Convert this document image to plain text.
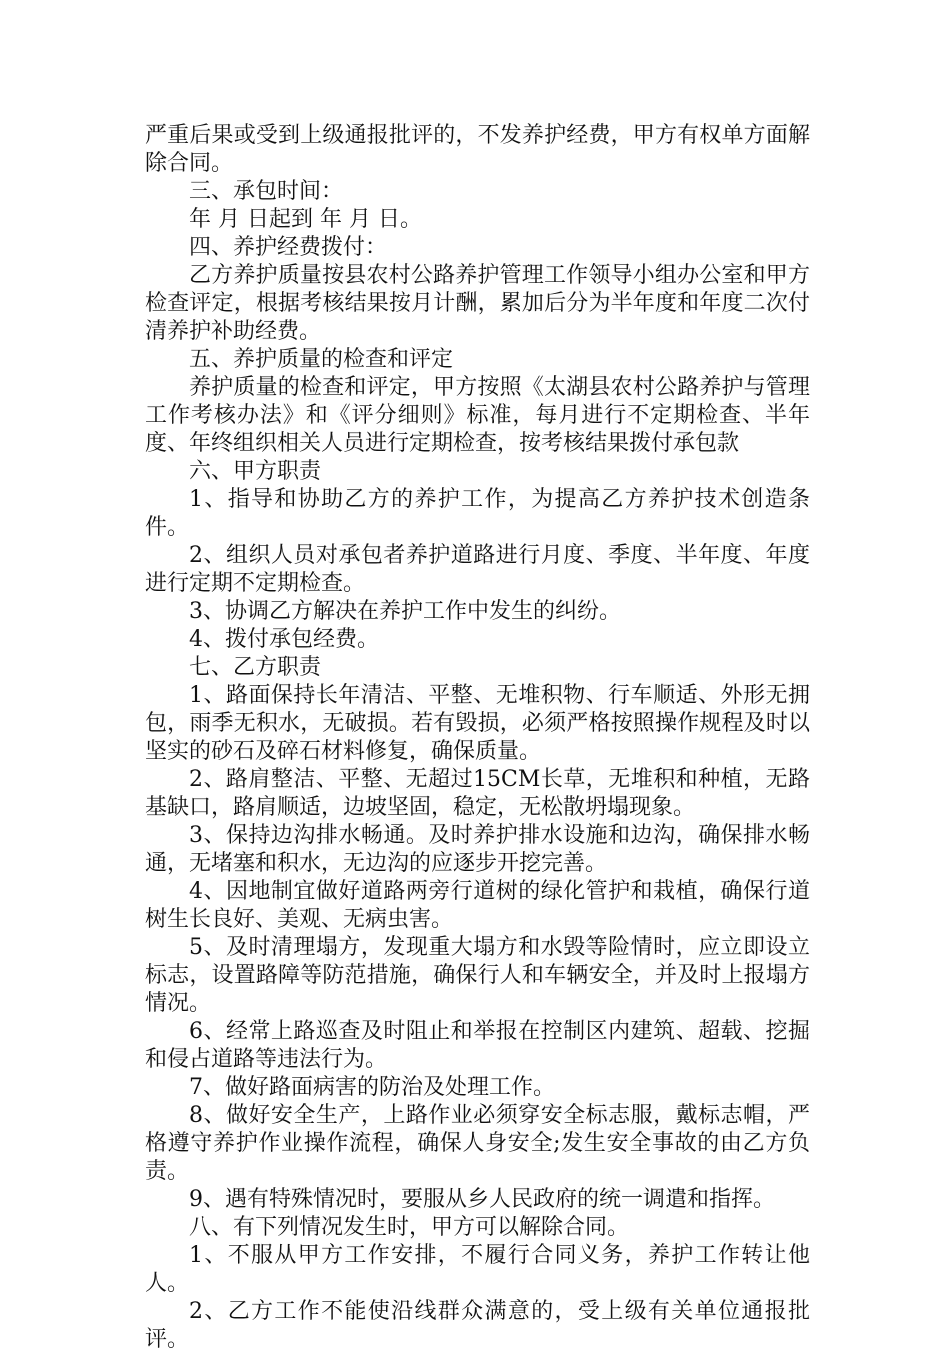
严重后果或受到上级通报批评的，不发养护经费，甲方有权单方面解除合同。

三、承包时间：

年 月 日起到 年 月 日。

四、养护经费拨付：

乙方养护质量按县农村公路养护管理工作领导小组办公室和甲方检查评定，根据考核结果按月计酬，累加后分为半年度和年度二次付清养护补助经费。

五、养护质量的检查和评定

养护质量的检查和评定，甲方按照《太湖县农村公路养护与管理工作考核办法》和《评分细则》标准，每月进行不定期检查、半年度、年终组织相关人员进行定期检查，按考核结果拨付承包款

六、甲方职责

1、指导和协助乙方的养护工作，为提高乙方养护技术创造条件。

2、组织人员对承包者养护道路进行月度、季度、半年度、年度进行定期不定期检查。

3、协调乙方解决在养护工作中发生的纠纷。

4、拨付承包经费。

七、乙方职责

1、路面保持长年清洁、平整、无堆积物、行车顺适、外形无拥包，雨季无积水，无破损。若有毁损，必须严格按照操作规程及时以坚实的砂石及碎石材料修复，确保质量。

2、路肩整洁、平整、无超过15CM长草，无堆积和种植，无路基缺口，路肩顺适，边坡坚固，稳定，无松散坍塌现象。

3、保持边沟排水畅通。及时养护排水设施和边沟，确保排水畅通，无堵塞和积水，无边沟的应逐步开挖完善。

4、因地制宜做好道路两旁行道树的绿化管护和栽植，确保行道树生长良好、美观、无病虫害。

5、及时清理塌方，发现重大塌方和水毁等险情时，应立即设立标志，设置路障等防范措施，确保行人和车辆安全，并及时上报塌方情况。

6、经常上路巡查及时阻止和举报在控制区内建筑、超载、挖掘和侵占道路等违法行为。

7、做好路面病害的防治及处理工作。

8、做好安全生产，上路作业必须穿安全标志服，戴标志帽，严格遵守养护作业操作流程，确保人身安全;发生安全事故的由乙方负责。

9、遇有特殊情况时，要服从乡人民政府的统一调遣和指挥。

八、有下列情况发生时，甲方可以解除合同。

1、不服从甲方工作安排，不履行合同义务，养护工作转让他人。

2、乙方工作不能使沿线群众满意的，受上级有关单位通报批评。
